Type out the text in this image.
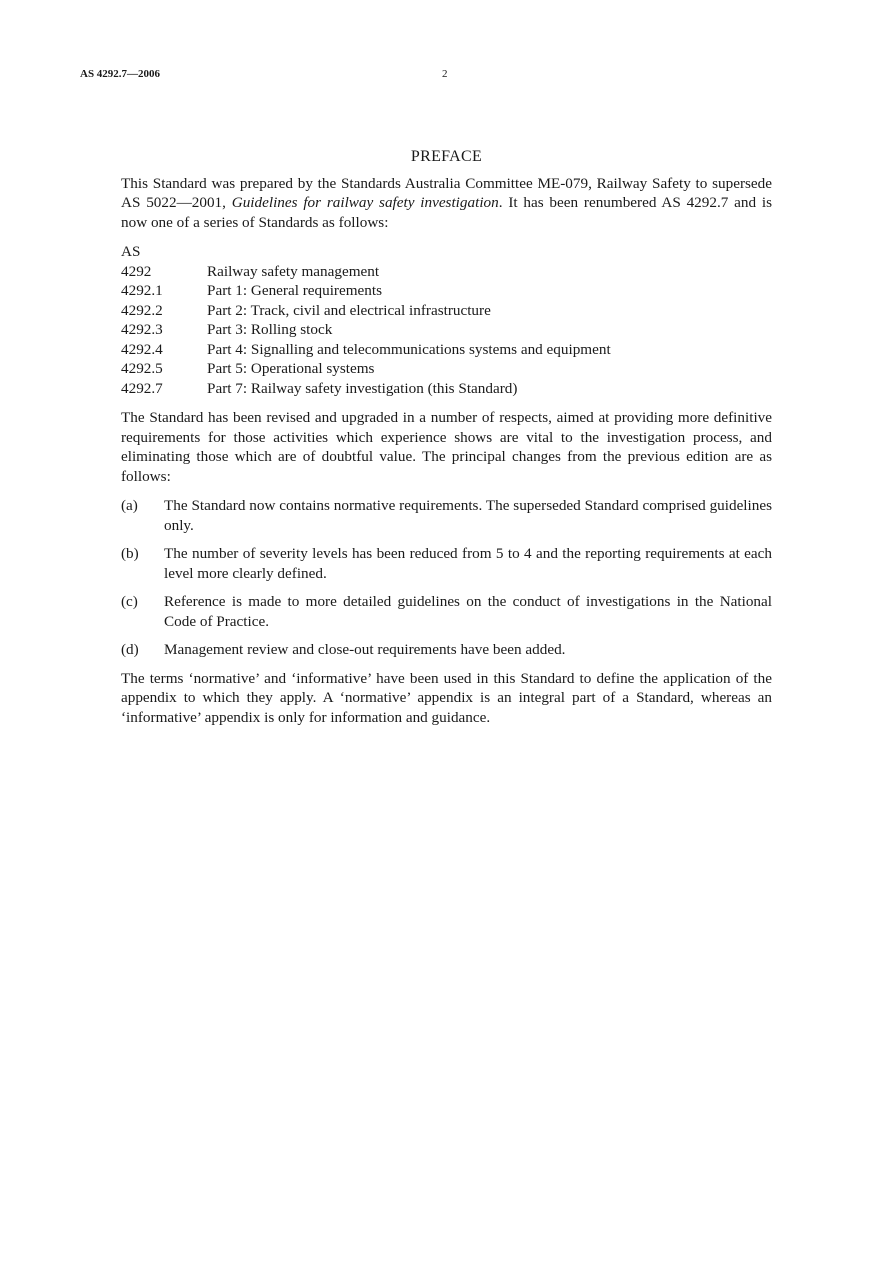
AS 4292.7—2006	2
PREFACE

This Standard was prepared by the Standards Australia Committee ME-079, Railway Safety to supersede AS 5022—2001, Guidelines for railway safety investigation. It has been renumbered AS 4292.7 and is now one of a series of Standards as follows:

AS
4292	Railway safety management
4292.1	Part 1: General requirements
4292.2	Part 2: Track, civil and electrical infrastructure
4292.3	Part 3: Rolling stock
4292.4	Part 4: Signalling and telecommunications systems and equipment
4292.5	Part 5: Operational systems
4292.7	Part 7: Railway safety investigation (this Standard)

The Standard has been revised and upgraded in a number of respects, aimed at providing more definitive requirements for those activities which experience shows are vital to the investigation process, and eliminating those which are of doubtful value. The principal changes from the previous edition are as follows:

(a)	The Standard now contains normative requirements. The superseded Standard comprised guidelines only.
(b)	The number of severity levels has been reduced from 5 to 4 and the reporting requirements at each level more clearly defined.
(c)	Reference is made to more detailed guidelines on the conduct of investigations in the National Code of Practice.
(d)	Management review and close-out requirements have been added.

The terms ‘normative’ and ‘informative’ have been used in this Standard to define the application of the appendix to which they apply. A ‘normative’ appendix is an integral part of a Standard, whereas an ‘informative’ appendix is only for information and guidance.
